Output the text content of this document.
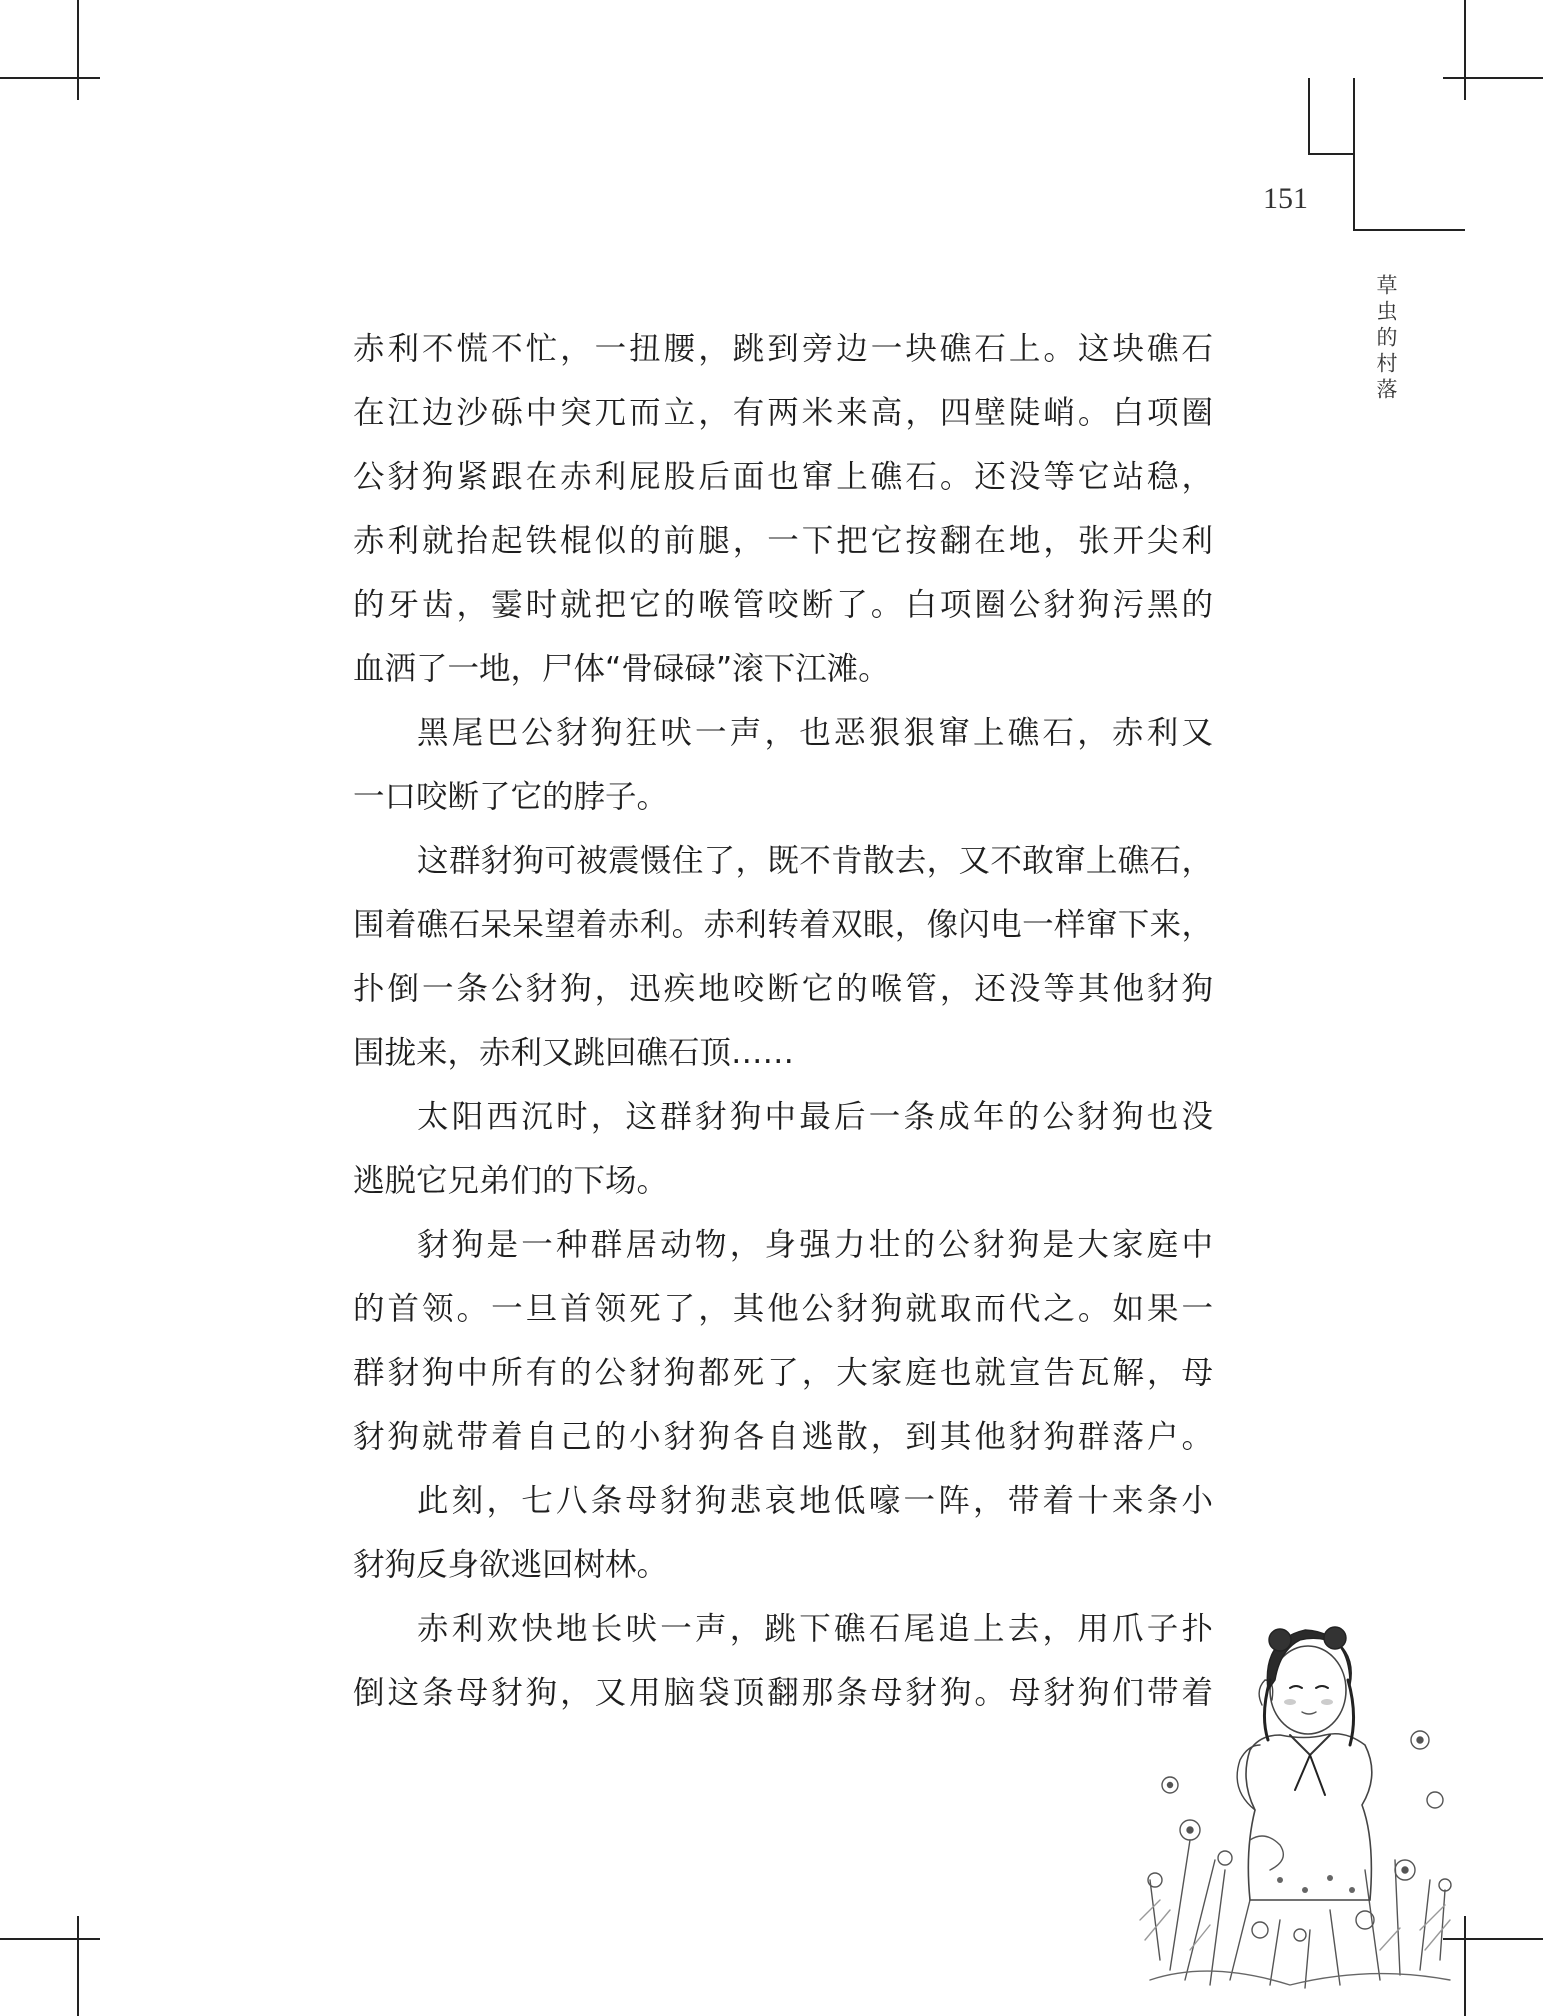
151
草虫的村落
赤利不慌不忙，一扭腰，跳到旁边一块礁石上。这块礁石
在江边沙砾中突兀而立，有两米来高，四壁陡峭。白项圈
公豺狗紧跟在赤利屁股后面也窜上礁石。还没等它站稳，
赤利就抬起铁棍似的前腿，一下把它按翻在地，张开尖利
的牙齿，霎时就把它的喉管咬断了。白项圈公豺狗污黑的
血洒了一地，尸体“骨碌碌”滚下江滩。
黑尾巴公豺狗狂吠一声，也恶狠狠窜上礁石，赤利又
一口咬断了它的脖子。
这群豺狗可被震慑住了，既不肯散去，又不敢窜上礁石，
围着礁石呆呆望着赤利。赤利转着双眼，像闪电一样窜下来，
扑倒一条公豺狗，迅疾地咬断它的喉管，还没等其他豺狗
围拢来，赤利又跳回礁石顶……
太阳西沉时，这群豺狗中最后一条成年的公豺狗也没
逃脱它兄弟们的下场。
豺狗是一种群居动物，身强力壮的公豺狗是大家庭中
的首领。一旦首领死了，其他公豺狗就取而代之。如果一
群豺狗中所有的公豺狗都死了，大家庭也就宣告瓦解，母
豺狗就带着自己的小豺狗各自逃散，到其他豺狗群落户。
此刻，七八条母豺狗悲哀地低嚎一阵，带着十来条小
豺狗反身欲逃回树林。
赤利欢快地长吠一声，跳下礁石尾追上去，用爪子扑
倒这条母豺狗，又用脑袋顶翻那条母豺狗。母豺狗们带着
